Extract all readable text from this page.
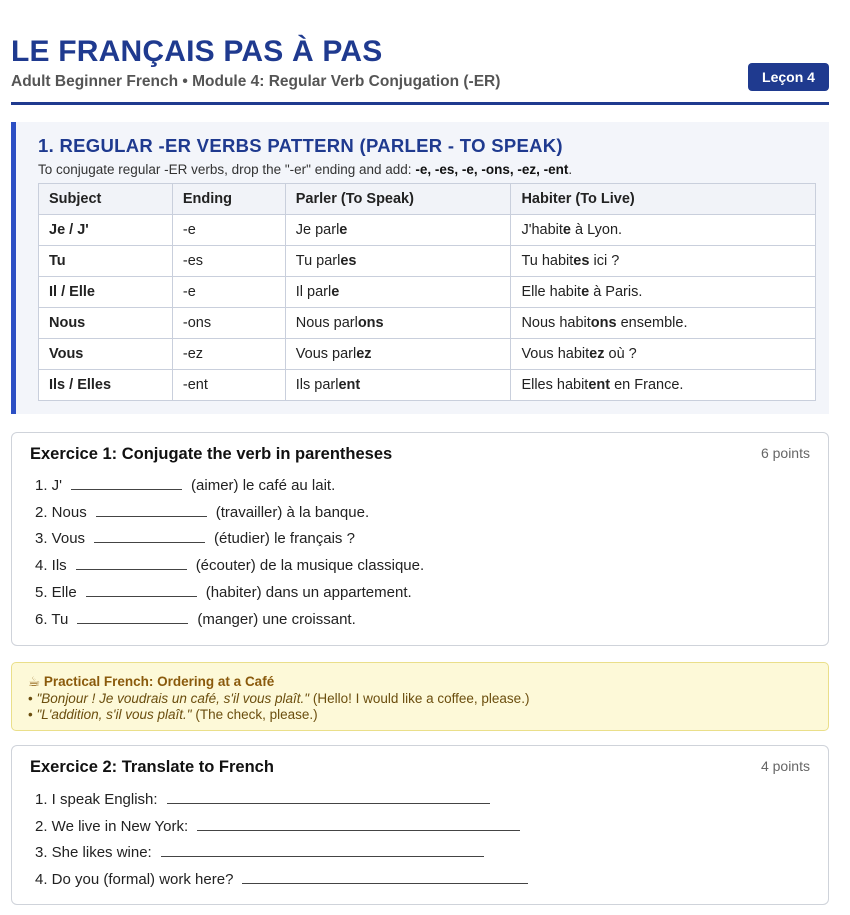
LE FRANÇAIS PAS À PAS
Adult Beginner French • Module 4: Regular Verb Conjugation (-ER)	Leçon 4
1. REGULAR -ER VERBS PATTERN (PARLER - TO SPEAK)
To conjugate regular -ER verbs, drop the "-er" ending and add: -e, -es, -e, -ons, -ez, -ent.
Subject	Ending	Parler (To Speak)	Habiter (To Live)
Je / J'	-e	Je parle	J'habite à Lyon.
Tu	-es	Tu parles	Tu habites ici ?
Il / Elle	-e	Il parle	Elle habite à Paris.
Nous	-ons	Nous parlons	Nous habitons ensemble.
Vous	-ez	Vous parlez	Vous habitez où ?
Ils / Elles	-ent	Ils parlent	Elles habitent en France.
Exercice 1: Conjugate the verb in parentheses	6 points
1. J'	(aimer) le café au lait.
2. Nous	(travailler) à la banque.
3. Vous	(étudier) le français ?
4. Ils	(écouter) de la musique classique.
5. Elle	(habiter) dans un appartement.
6. Tu	(manger) une croissant.
☕ Practical French: Ordering at a Café
• "Bonjour ! Je voudrais un café, s'il vous plaît." (Hello! I would like a coffee, please.)
• "L'addition, s'il vous plaît." (The check, please.)
Exercice 2: Translate to French	4 points
1. I speak English:
2. We live in New York:
3. She likes wine:
4. Do you (formal) work here?
